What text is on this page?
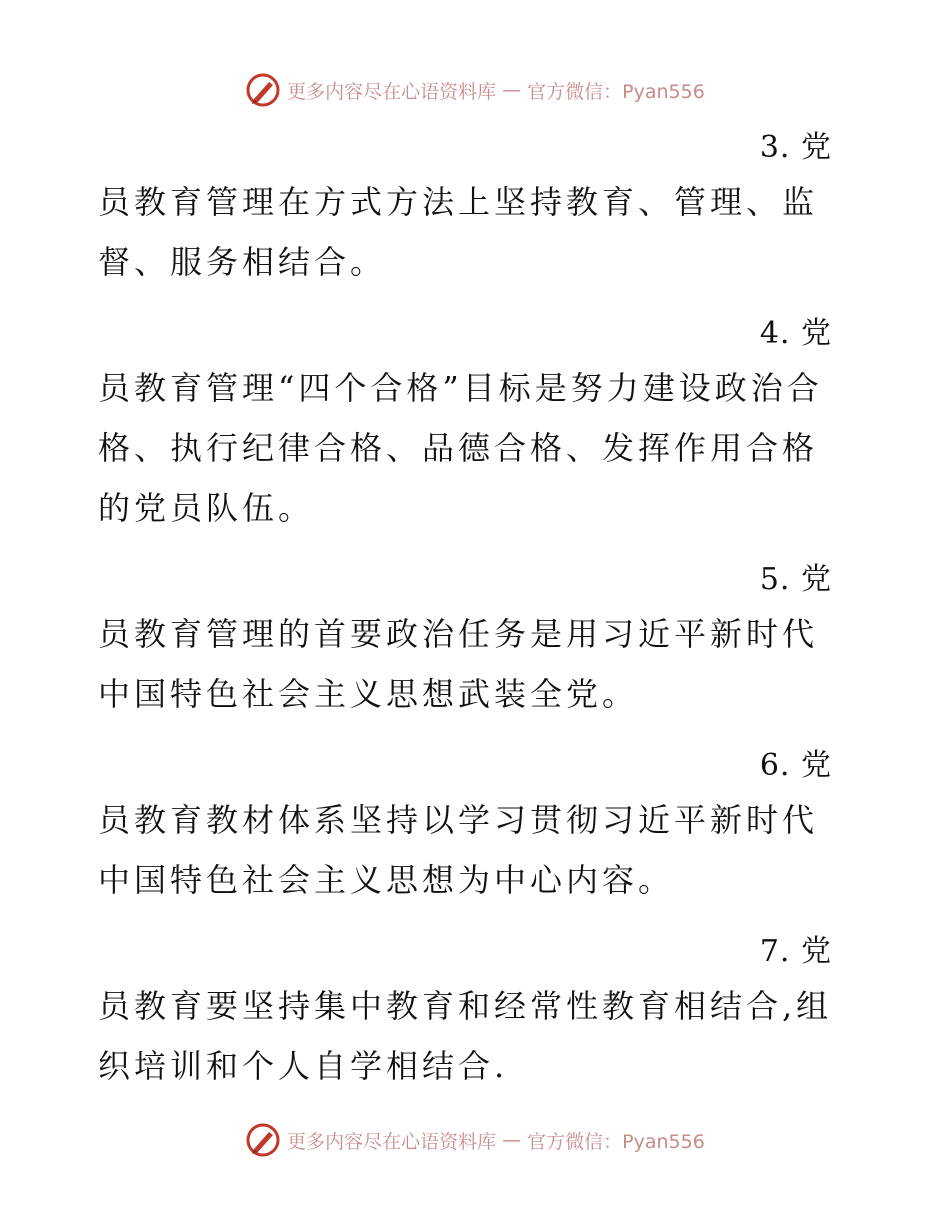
更多内容尽在心语资料库 — 官方微信：Pyan556
3. 党

员教育管理在方式方法上坚持教育、管理、监督、服务相结合。

4. 党

员教育管理“四个合格”目标是努力建设政治合格、执行纪律合格、品德合格、发挥作用合格的党员队伍。

5. 党

员教育管理的首要政治任务是用习近平新时代中国特色社会主义思想武装全党。

6. 党

员教育教材体系坚持以学习贯彻习近平新时代中国特色社会主义思想为中心内容。

7. 党

员教育要坚持集中教育和经常性教育相结合,组织培训和个人自学相结合.

更多内容尽在心语资料库 — 官方微信：Pyan556
